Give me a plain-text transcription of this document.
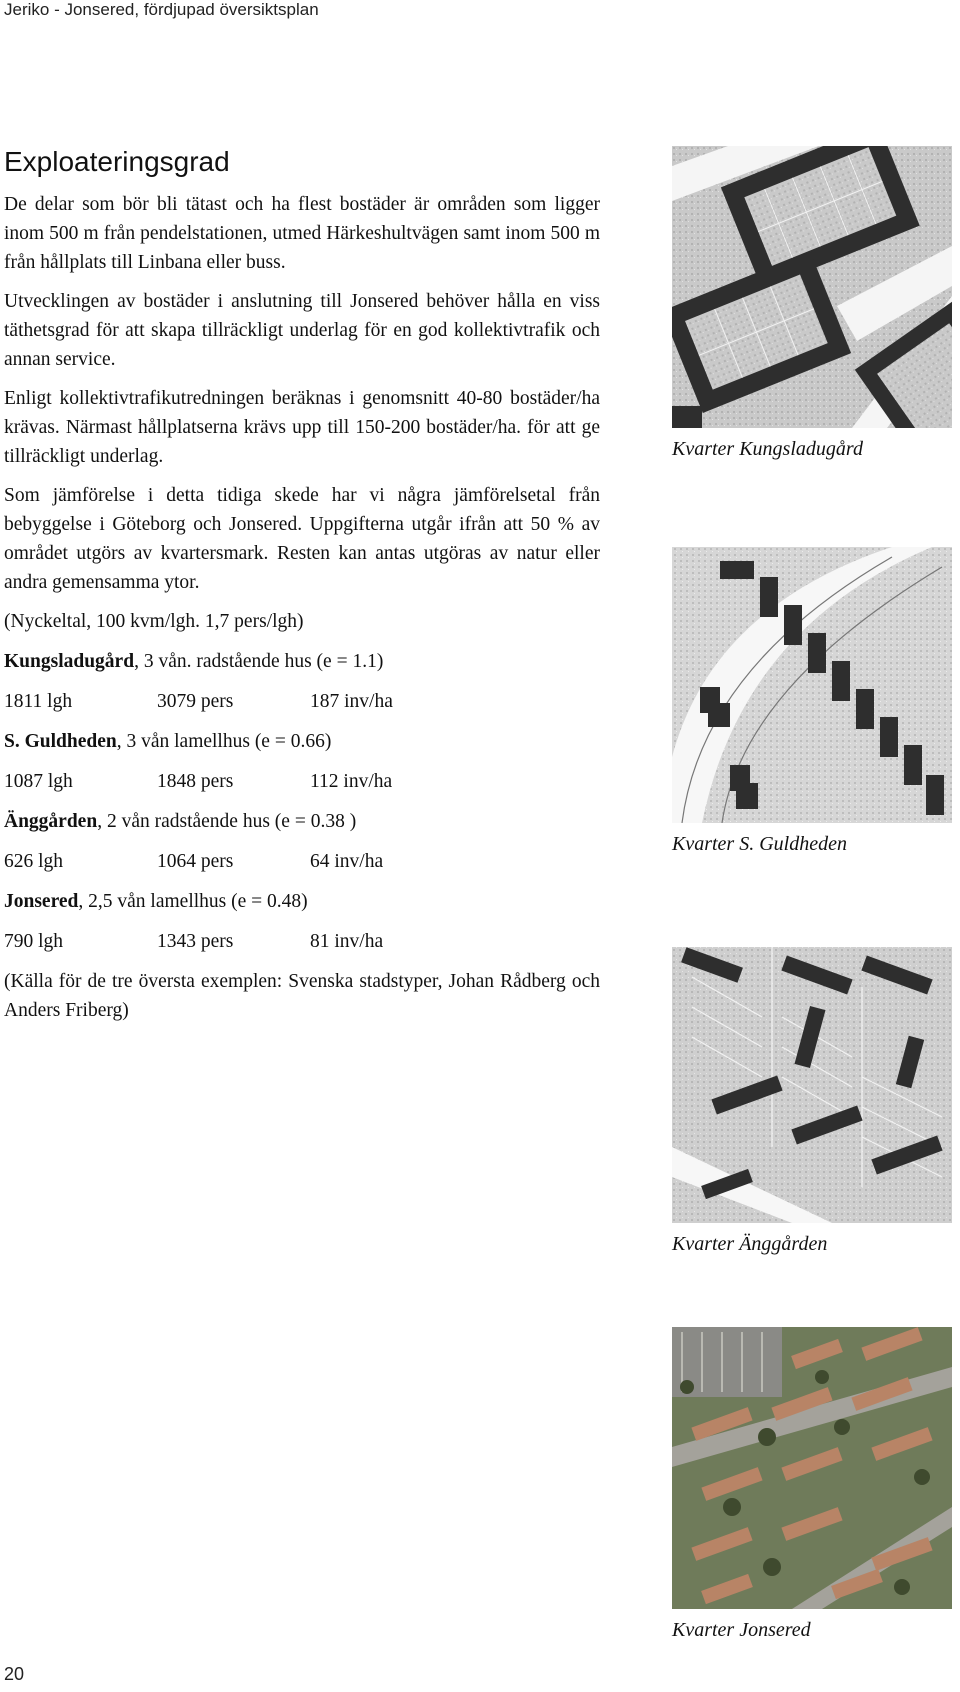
Jeriko - Jonsered, fördjupad översiktsplan
Exploateringsgrad

De delar som bör bli tätast och ha flest bostäder är områden som ligger inom 500 m från pendelstationen, utmed Härkeshultvägen samt inom 500 m från hållplats till Linbana eller buss.

Utvecklingen av bostäder i anslutning till Jonsered behöver hålla en viss täthetsgrad för att skapa tillräckligt underlag för en god kollektivtrafik och annan service.

Enligt kollektivtrafikutredningen beräknas i genomsnitt 40-80 bostäder/ha krävas. Närmast hållplatserna krävs upp till 150-200 bostäder/ha. för att ge tillräckligt underlag.

Som jämförelse i detta tidiga skede har vi några jämförelsetal från bebyggelse i Göteborg och Jonsered. Uppgifterna utgår ifrån att 50 % av området utgörs av kvartersmark. Resten kan antas utgöras av natur eller andra gemensamma ytor.

(Nyckeltal, 100 kvm/lgh. 1,7 pers/lgh)

Kungsladugård, 3 vån. radstående hus (e = 1.1)

1811 lgh	3079 pers	187 inv/ha

S. Guldheden, 3 vån lamellhus (e = 0.66)

1087 lgh	1848 pers	112 inv/ha

Änggården, 2 vån radstående hus (e = 0.38 )

626 lgh	1064 pers	64 inv/ha

Jonsered, 2,5 vån lamellhus (e = 0.48)

790 lgh	1343 pers	81 inv/ha

(Källa för de tre översta exemplen: Svenska stadstyper, Johan Rådberg och Anders Friberg)

Kvarter Kungsladugård
Kvarter S. Guldheden
Kvarter Änggården
Kvarter Jonsered
20
